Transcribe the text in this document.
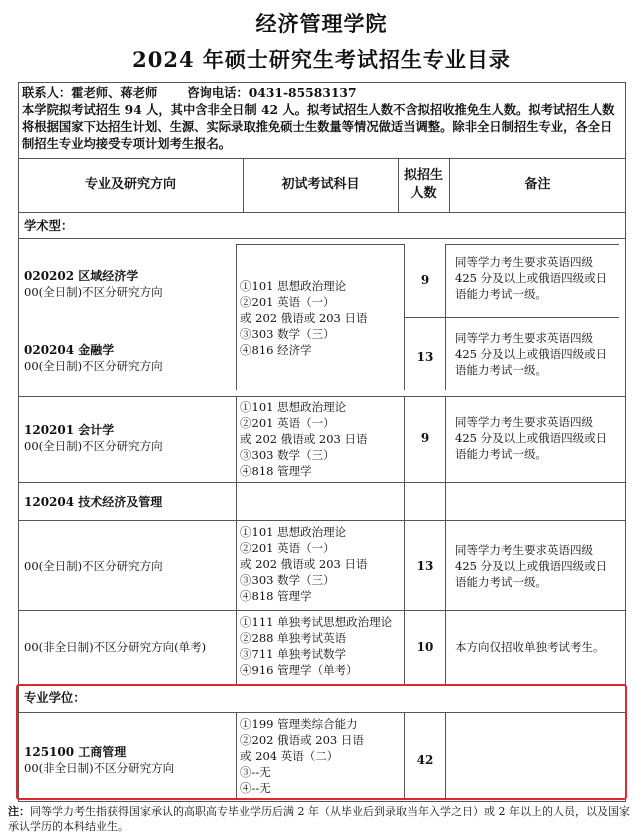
经济管理学院
2024 年硕士研究生考试招生专业目录
联系人：霍老师、蒋老师       咨询电话：0431-85583137
本学院拟考试招生 94 人，其中含非全日制 42 人。拟考试招生人数不含拟招收推免生人数。拟考试招生人数将根据国家下达招生计划、生源、实际录取推免硕士生数量等情况做适当调整。除非全日制招生专业，各全日制招生专业均接受专项计划考生报名。
专业及研究方向	初试考试科目
拟招生
人数
备注
学术型：
020202 区域经济学
00(全日制)不区分研究方向
9
同等学力考生要求英语四级
425 分及以上或俄语四级或日
语能力考试一级。
①101 思想政治理论
②201 英语（一）
或 202 俄语或 203 日语
③303 数学（三）
④816 经济学
020204 金融学
00(全日制)不区分研究方向
13
同等学力考生要求英语四级
425 分及以上或俄语四级或日
语能力考试一级。
120201 会计学
00(全日制)不区分研究方向
①101 思想政治理论
②201 英语（一）
或 202 俄语或 203 日语
③303 数学（三）
④818 管理学
9
同等学力考生要求英语四级
425 分及以上或俄语四级或日
语能力考试一级。
120204 技术经济及管理
00(全日制)不区分研究方向
①101 思想政治理论
②201 英语（一）
或 202 俄语或 203 日语
③303 数学（三）
④818 管理学
13
同等学力考生要求英语四级
425 分及以上或俄语四级或日
语能力考试一级。
00(非全日制)不区分研究方向(单考)
①111 单独考试思想政治理论
②288 单独考试英语
③711 单独考试数学
④916 管理学（单考）
10	本方向仅招收单独考试考生。
专业学位：
125100 工商管理
00(非全日制)不区分研究方向
①199 管理类综合能力
②202 俄语或 203 日语
或 204 英语（二）
③--无
④--无
42
注：同等学力考生指获得国家承认的高职高专毕业学历后满 2 年（从毕业后到录取当年入学之日）或 2 年以上的人员，以及国家承认学历的本科结业生。
